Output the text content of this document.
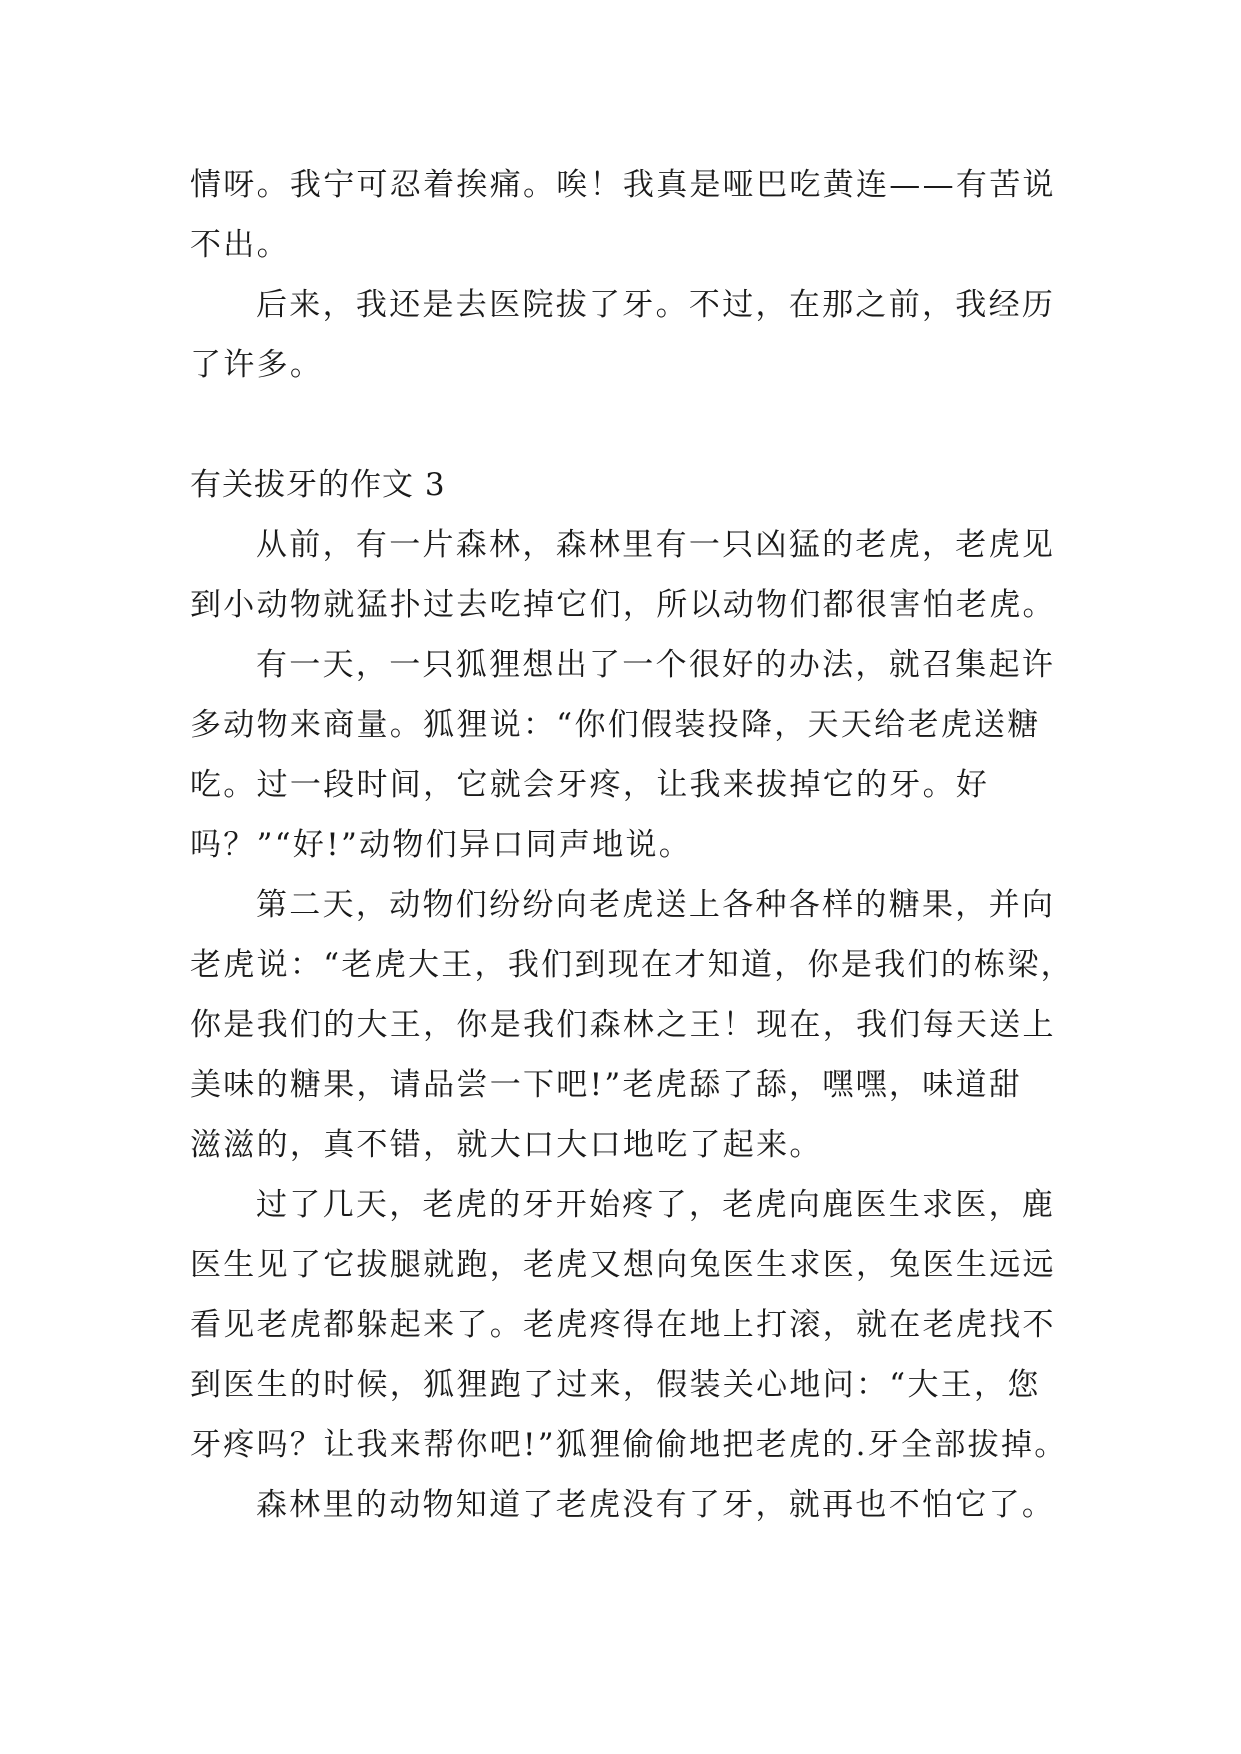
情呀。我宁可忍着挨痛。唉！我真是哑巴吃黄连——有苦说
不出。
后来，我还是去医院拔了牙。不过，在那之前，我经历
了许多。
有关拔牙的作文 3
从前，有一片森林，森林里有一只凶猛的老虎，老虎见
到小动物就猛扑过去吃掉它们，所以动物们都很害怕老虎。
有一天，一只狐狸想出了一个很好的办法，就召集起许
多动物来商量。狐狸说：“你们假装投降，天天给老虎送糖
吃。过一段时间，它就会牙疼，让我来拔掉它的牙。好
吗？”“好!”动物们异口同声地说。
第二天，动物们纷纷向老虎送上各种各样的糖果，并向
老虎说：“老虎大王，我们到现在才知道，你是我们的栋梁，
你是我们的大王，你是我们森林之王！现在，我们每天送上
美味的糖果，请品尝一下吧!”老虎舔了舔，嘿嘿，味道甜
滋滋的，真不错，就大口大口地吃了起来。
过了几天，老虎的牙开始疼了，老虎向鹿医生求医，鹿
医生见了它拔腿就跑，老虎又想向兔医生求医，兔医生远远
看见老虎都躲起来了。老虎疼得在地上打滚，就在老虎找不
到医生的时候，狐狸跑了过来，假装关心地问：“大王，您
牙疼吗？让我来帮你吧!”狐狸偷偷地把老虎的.牙全部拔掉。
森林里的动物知道了老虎没有了牙，就再也不怕它了。
